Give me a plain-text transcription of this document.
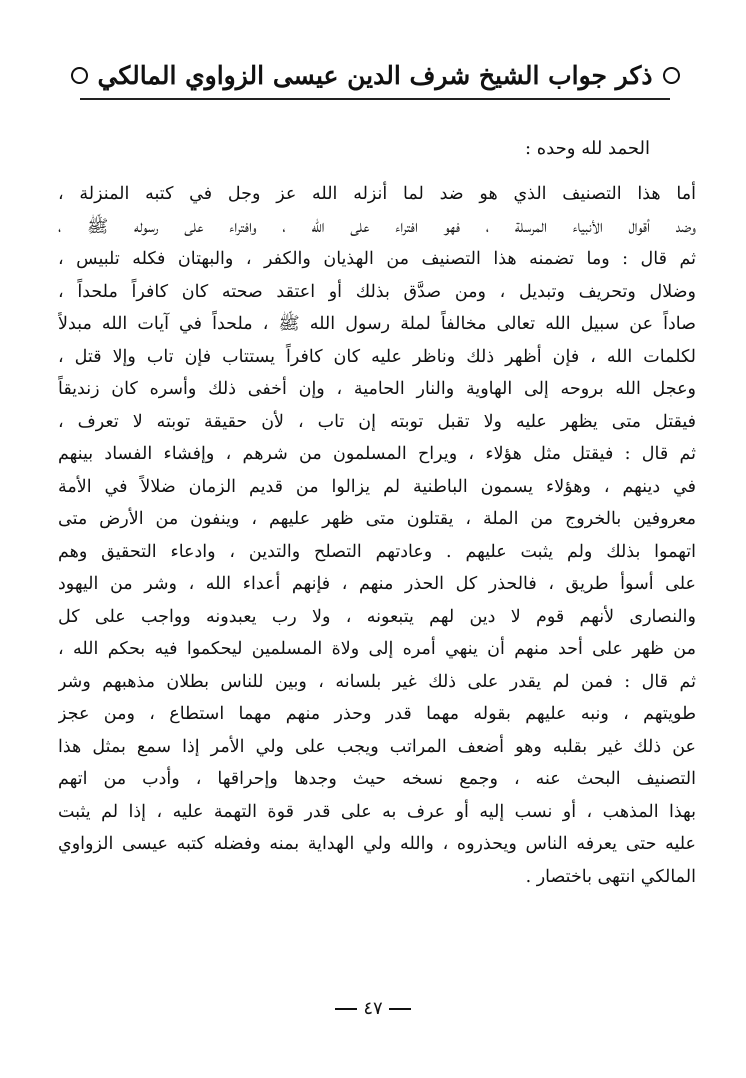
ذكر جواب الشيخ شرف الدين عيسى الزواوي المالكي
الحمد لله وحده :
أما هذا التصنيف الذي هو ضد لما أنزله الله عز وجل في كتبه المنزلة ،
وضد أقوال الأنبياء المرسلة ، فهو افتراء على الله ، وافتراء على رسوله ﷺ ،
ثم قال : وما تضمنه هذا التصنيف من الهذيان والكفر ، والبهتان فكله تلبيس ،
وضلال وتحريف وتبديل ، ومن صدَّق بذلك أو اعتقد صحته كان كافراً ملحداً ،
صاداً عن سبيل الله تعالى مخالفاً لملة رسول الله ﷺ ، ملحداً في آيات الله مبدلاً
لكلمات الله ، فإن أظهر ذلك وناظر عليه كان كافراً يستتاب فإن تاب وإلا قتل ،
وعجل الله بروحه إلى الهاوية والنار الحامية ، وإن أخفى ذلك وأسره كان زنديقاً
فيقتل متى يظهر عليه ولا تقبل توبته إن تاب ، لأن حقيقة توبته لا تعرف ،
ثم قال : فيقتل مثل هؤلاء ، ويراح المسلمون من شرهم ، وإفشاء الفساد بينهم
في دينهم ، وهؤلاء يسمون الباطنية لم يزالوا من قديم الزمان ضلالاً في الأمة
معروفين بالخروج من الملة ، يقتلون متى ظهر عليهم ، وينفون من الأرض متى
اتهموا بذلك ولم يثبت عليهم . وعادتهم التصلح والتدين ، وادعاء التحقيق وهم
على أسوأ طريق ، فالحذر كل الحذر منهم ، فإنهم أعداء الله ، وشر من اليهود
والنصارى لأنهم قوم لا دين لهم يتبعونه ، ولا رب يعبدونه وواجب على كل
من ظهر على أحد منهم أن ينهي أمره إلى ولاة المسلمين ليحكموا فيه بحكم الله ،
ثم قال : فمن لم يقدر على ذلك غير بلسانه ، وبين للناس بطلان مذهبهم وشر
طويتهم ، ونبه عليهم بقوله مهما قدر وحذر منهم مهما استطاع ، ومن عجز
عن ذلك غير بقلبه وهو أضعف المراتب ويجب على ولي الأمر إذا سمع بمثل هذا
التصنيف البحث عنه ، وجمع نسخه حيث وجدها وإحراقها ، وأدب من اتهم
بهذا المذهب ، أو نسب إليه أو عرف به على قدر قوة التهمة عليه ، إذا لم يثبت
عليه حتى يعرفه الناس ويحذروه ، والله ولي الهداية بمنه وفضله كتبه عيسى الزواوي
المالكي انتهى باختصار .
٤٧
